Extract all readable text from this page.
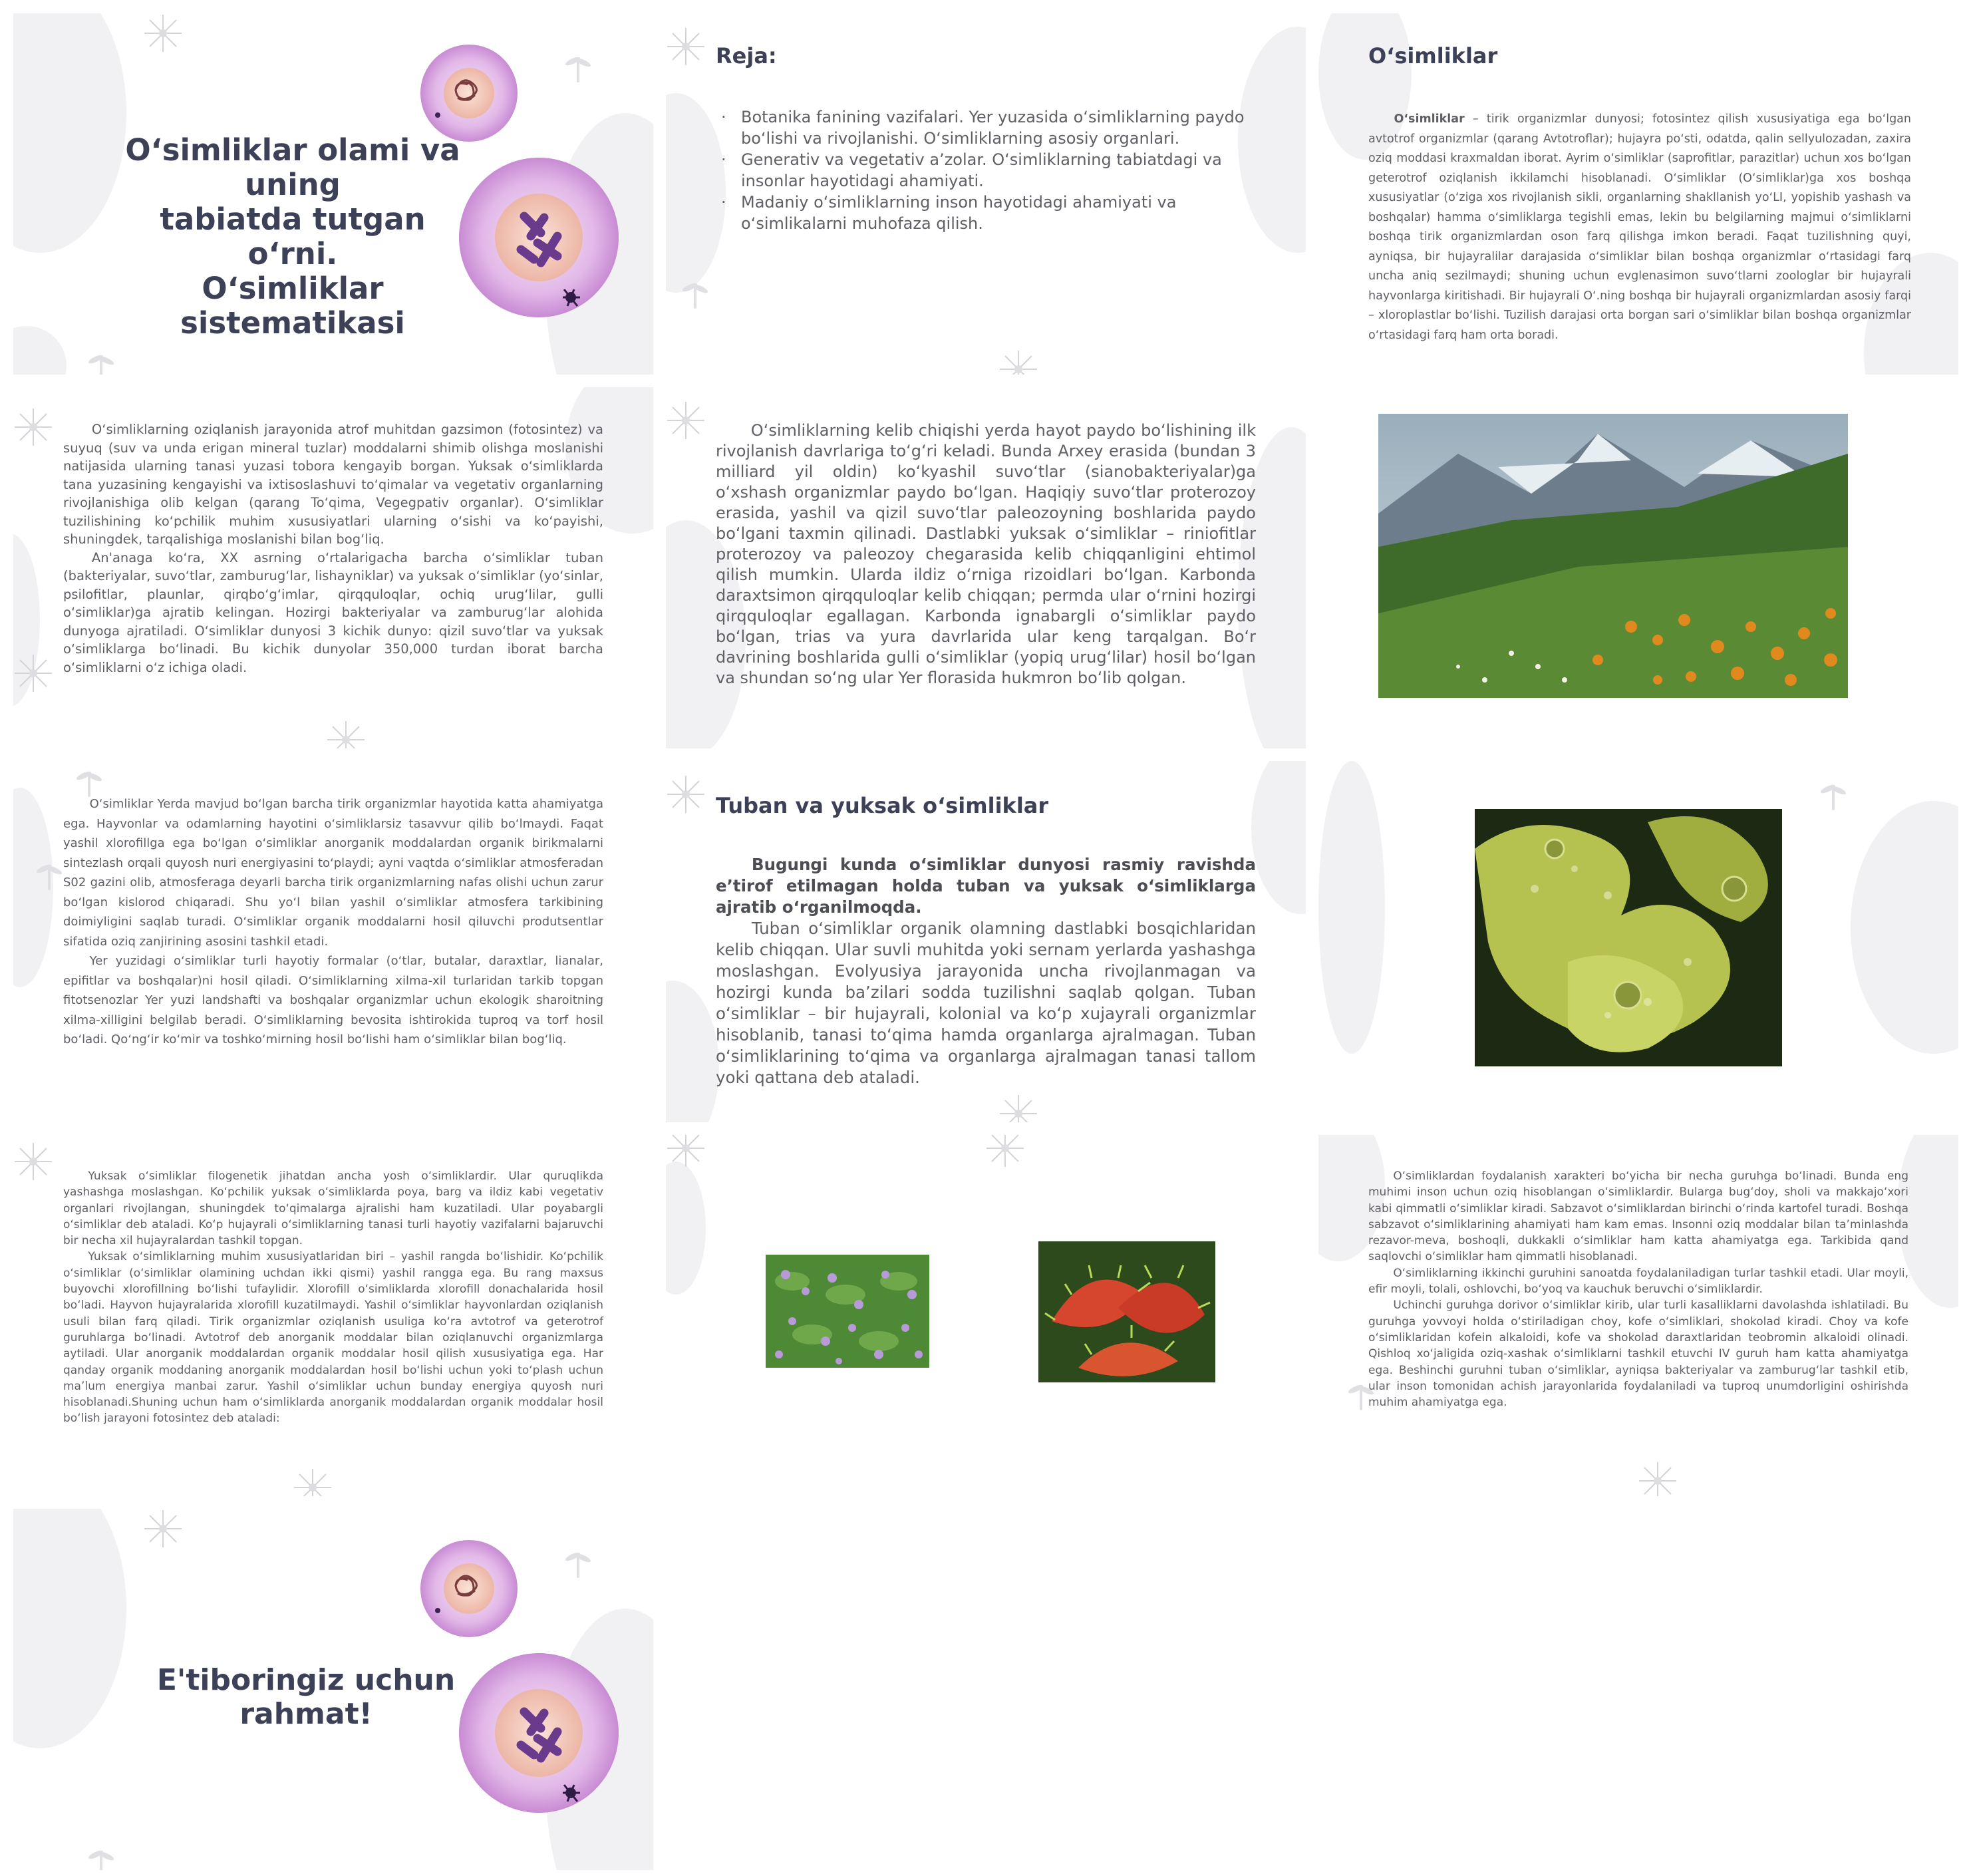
O‘simliklar olami va uning
tabiatda tutgan o‘rni.
O‘simliklar sistematikasi
Reja:
· Botanika fanining vazifalari. Yer yuzasida o‘simliklarning paydo bo‘lishi va rivojlanishi. O‘simliklarning asosiy organlari.
· Generativ va vegetativ a’zolar. O‘simliklarning tabiatdagi va insonlar hayotidagi ahamiyati.
· Madaniy o‘simliklarning inson hayotidagi ahamiyati va o‘simlikalarni muhofaza qilish.
O‘simliklar

O‘simliklar – tirik organizmlar dunyosi; fotosintez qilish xususiyatiga ega boʻlgan avtotrof organizmlar (qarang Avtotroflar); hujayra poʻsti, odatda, qalin sellyulozadan, zaxira oziq moddasi kraxmaldan iborat. Ayrim oʻsimliklar (saprofitlar, parazitlar) uchun xos boʻlgan geterotrof oziqlanish ikkilamchi hisoblanadi. Oʻsimliklar (Oʻsimliklar)ga xos boshqa xususiyatlar (oʻziga xos rivojlanish sikli, organlarning shakllanish yoʻLI, yopishib yashash va boshqalar) hamma oʻsimliklarga tegishli emas, lekin bu belgilarning majmui oʻsimliklarni boshqa tirik organizmlardan oson farq qilishga imkon beradi. Faqat tuzilishning quyi, ayniqsa, bir hujayralilar darajasida oʻsimliklar bilan boshqa organizmlar oʻrtasidagi farq uncha aniq sezilmaydi; shuning uchun evglenasimon suvoʻtlarni zoologlar bir hujayrali hayvonlarga kiritishadi. Bir hujayrali Oʻ.ning boshqa bir hujayrali organizmlardan asosiy farqi – xloroplastlar boʻlishi. Tuzilish darajasi orta borgan sari oʻsimliklar bilan boshqa organizmlar oʻrtasidagi farq ham orta boradi.

Oʻsimliklarning oziqlanish jarayonida atrof muhitdan gazsimon (fotosintez) va suyuq (suv va unda erigan mineral tuzlar) moddalarni shimib olishga moslanishi natijasida ularning tanasi yuzasi tobora kengayib borgan. Yuksak oʻsimliklarda tana yuzasining kengayishi va ixtisoslashuvi toʻqimalar va vegetativ organlarning rivojlanishiga olib kelgan (qarang Toʻqima, Vegegpativ organlar). Oʻsimliklar tuzilishining koʻpchilik muhim xususiyatlari ularning oʻsishi va koʻpayishi, shuningdek, tarqalishiga moslanishi bilan bogʻliq.

An'anaga koʻra, XX asrning oʻrtalarigacha barcha oʻsimliklar tuban (bakteriyalar, suvoʻtlar, zamburugʻlar, lishayniklar) va yuksak oʻsimliklar (yoʻsinlar, psilofitlar, plaunlar, qirqboʻgʻimlar, qirqquloqlar, ochiq urugʻlilar, gulli oʻsimliklar)ga ajratib kelingan. Hozirgi bakteriyalar va zamburugʻlar alohida dunyoga ajratiladi. Oʻsimliklar dunyosi 3 kichik dunyo: qizil suvoʻtlar va yuksak oʻsimliklarga boʻlinadi. Bu kichik dunyolar 350,000 turdan iborat barcha oʻsimliklarni oʻz ichiga oladi.

Oʻsimliklarning kelib chiqishi yerda hayot paydo boʻlishining ilk rivojlanish davrlariga toʻgʻri keladi. Bunda Arxey erasida (bundan 3 milliard yil oldin) koʻkyashil suvoʻtlar (sianobakteriyalar)ga oʻxshash organizmlar paydo boʻlgan. Haqiqiy suvoʻtlar proterozoy erasida, yashil va qizil suvoʻtlar paleozoyning boshlarida paydo boʻlgani taxmin qilinadi. Dastlabki yuksak oʻsimliklar – riniofitlar proterozoy va paleozoy chegarasida kelib chiqqanligini ehtimol qilish mumkin. Ularda ildiz oʻrniga rizoidlari boʻlgan. Karbonda daraxtsimon qirqquloqlar kelib chiqqan; permda ular oʻrnini hozirgi qirqquloqlar egallagan. Karbonda ignabargli oʻsimliklar paydo boʻlgan, trias va yura davrlarida ular keng tarqalgan. Boʻr davrining boshlarida gulli oʻsimliklar (yopiq urugʻlilar) hosil boʻlgan va shundan soʻng ular Yer florasida hukmron boʻlib qolgan.

Oʻsimliklar Yerda mavjud boʻlgan barcha tirik organizmlar hayotida katta ahamiyatga ega. Hayvonlar va odamlarning hayotini oʻsimliklarsiz tasavvur qilib boʻlmaydi. Faqat yashil xlorofillga ega boʻlgan oʻsimliklar anorganik moddalardan organik birikmalarni sintezlash orqali quyosh nuri energiyasini toʻplaydi; ayni vaqtda oʻsimliklar atmosferadan S02 gazini olib, atmosferaga deyarli barcha tirik organizmlarning nafas olishi uchun zarur boʻlgan kislorod chiqaradi. Shu yoʻl bilan yashil oʻsimliklar atmosfera tarkibining doimiyligini saqlab turadi. Oʻsimliklar organik moddalarni hosil qiluvchi produtsentlar sifatida oziq zanjirining asosini tashkil etadi.

Yer yuzidagi oʻsimliklar turli hayotiy formalar (oʻtlar, butalar, daraxtlar, lianalar, epifitlar va boshqalar)ni hosil qiladi. Oʻsimliklarning xilma-xil turlaridan tarkib topgan fitotsenozlar Yer yuzi landshafti va boshqalar organizmlar uchun ekologik sharoitning xilma-xilligini belgilab beradi. Oʻsimliklarning bevosita ishtirokida tuproq va torf hosil boʻladi. Qoʻngʻir koʻmir va toshkoʻmirning hosil boʻlishi ham oʻsimliklar bilan bogʻliq.

Tuban va yuksak o‘simliklar

Bugungi kunda o‘simliklar dunyosi rasmiy ravishda e’tirof etilmagan holda tuban va yuksak o‘simliklarga ajratib o‘rganilmoqda.

Tuban o‘simliklar organik olamning dastlabki bosqichlaridan kelib chiqqan. Ular suvli muhitda yoki sernam yerlarda yashashga moslashgan. Evolyusiya jarayonida uncha rivojlanmagan va hozirgi kunda ba’zilari sodda tuzilishni saqlab qolgan. Tuban o‘simliklar – bir hujayrali, kolonial va ko‘p xujayrali organizmlar hisoblanib, tanasi to‘qima hamda organlarga ajralmagan. Tuban o‘simliklarining to‘qima va organlarga ajralmagan tanasi tallom yoki qattana deb ataladi.

Yuksak o‘simliklar filogenetik jihatdan ancha yosh o‘simliklardir. Ular quruqlikda yashashga moslashgan. Ko‘pchilik yuksak o‘simliklarda poya, barg va ildiz kabi vegetativ organlari rivojlangan, shuningdek to‘qimalarga ajralishi ham kuzatiladi. Ular poyabargli o‘simliklar deb ataladi. Ko‘p hujayrali o‘simliklarning tanasi turli hayotiy vazifalarni bajaruvchi bir necha xil hujayralardan tashkil topgan.

Yuksak o‘simliklarning muhim xususiyatlaridan biri – yashil rangda bo‘lishidir. Ko‘pchilik o‘simliklar (o‘simliklar olamining uchdan ikki qismi) yashil rangga ega. Bu rang maxsus buyovchi xlorofillning bo‘lishi tufaylidir. Xlorofill o‘simliklarda xlorofill donachalarida hosil bo‘ladi. Hayvon hujayralarida xlorofill kuzatilmaydi. Yashil o‘simliklar hayvonlardan oziqlanish usuli bilan farq qiladi. Tirik organizmlar oziqlanish usuliga ko‘ra avtotrof va geterotrof guruhlarga bo‘linadi. Avtotrof deb anorganik moddalar bilan oziqlanuvchi organizmlarga aytiladi. Ular anorganik moddalardan organik moddalar hosil qilish xususiyatiga ega. Har qanday organik moddaning anorganik moddalardan hosil bo‘lishi uchun yoki to‘plash uchun ma’lum energiya manbai zarur. Yashil o‘simliklar uchun bunday energiya quyosh nuri hisoblanadi.Shuning uchun ham o‘simliklarda anorganik moddalardan organik moddalar hosil bo‘lish jarayoni fotosintez deb ataladi:

O‘simliklardan foydalanish xarakteri bo‘yicha bir necha guruhga bo‘linadi. Bunda eng muhimi inson uchun oziq hisoblangan o‘simliklardir. Bularga bug‘doy, sholi va makkajo‘xori kabi qimmatli o‘simliklar kiradi. Sabzavot o‘simliklardan birinchi o‘rinda kartofel turadi. Boshqa sabzavot o‘simliklarining ahamiyati ham kam emas. Insonni oziq moddalar bilan ta’minlashda rezavor-meva, boshoqli, dukkakli o‘simliklar ham katta ahamiyatga ega. Tarkibida qand saqlovchi o‘simliklar ham qimmatli hisoblanadi.

O‘simliklarning ikkinchi guruhini sanoatda foydalaniladigan turlar tashkil etadi. Ular moyli, efir moyli, tolali, oshlovchi, bo‘yoq va kauchuk beruvchi o‘simliklardir.

Uchinchi guruhga dorivor o‘simliklar kirib, ular turli kasalliklarni davolashda ishlatiladi. Bu guruhga yovvoyi holda o‘stiriladigan choy, kofe o‘simliklari, shokolad kiradi. Choy va kofe o‘simliklaridan kofein alkaloidi, kofe va shokolad daraxtlaridan teobromin alkaloidi olinadi. Qishloq xo‘jaligida oziq-xashak o‘simliklarni tashkil etuvchi IV guruh ham katta ahamiyatga ega. Beshinchi guruhni tuban o‘simliklar, ayniqsa bakteriyalar va zamburug‘lar tashkil etib, ular inson tomonidan achish jarayonlarida foydalaniladi va tuproq unumdorligini oshirishda muhim ahamiyatga ega.

E'tiboringiz uchun rahmat!
